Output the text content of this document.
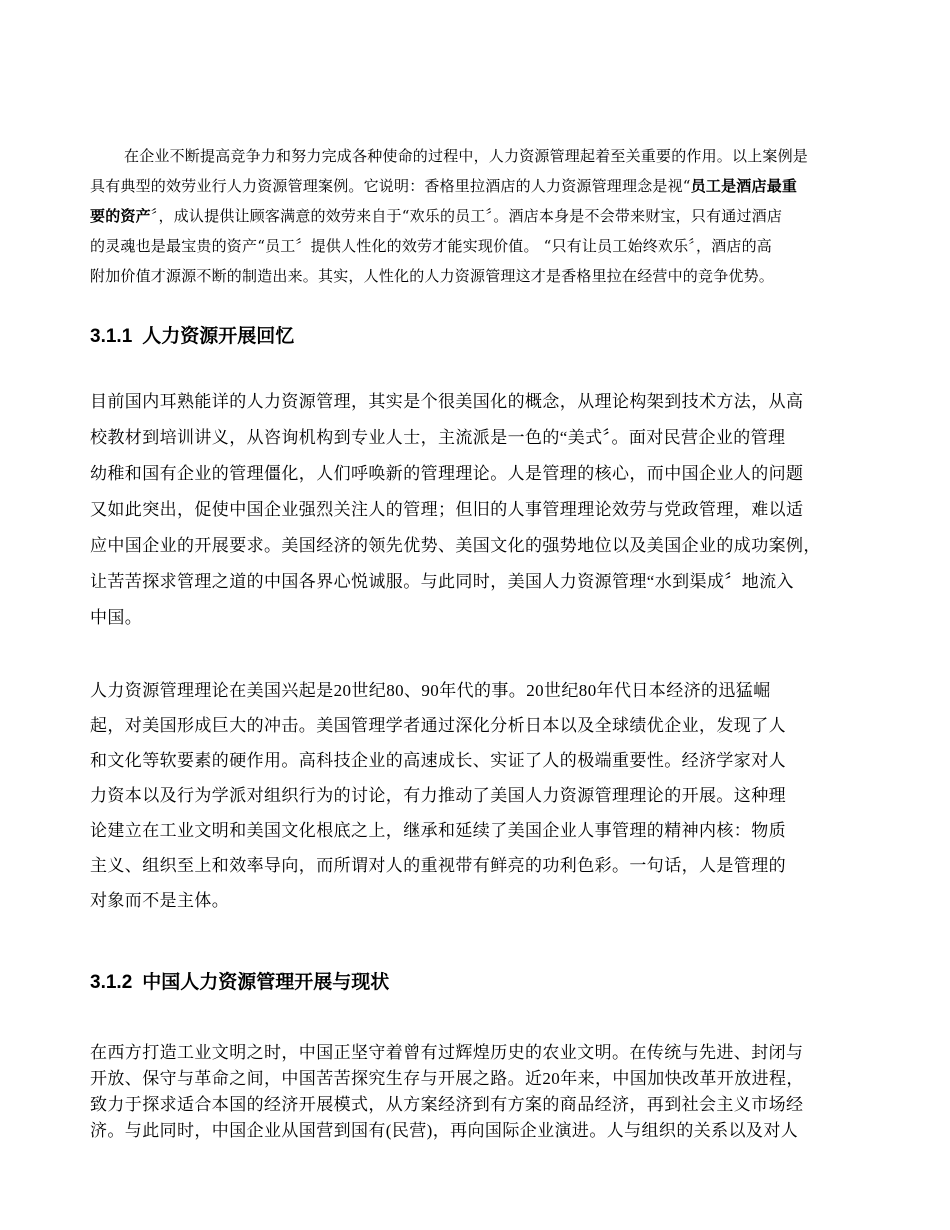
在企业不断提高竞争力和努力完成各种使命的过程中，人力资源管理起着至关重要的作用。以上案例是
具有典型的效劳业行人力资源管理案例。它说明：香格里拉酒店的人力资源管理理念是视“员工是酒店最重
要的资产〞，成认提供让顾客满意的效劳来自于“欢乐的员工〞。酒店本身是不会带来财宝，只有通过酒店
的灵魂也是最宝贵的资产“员工〞提供人性化的效劳才能实现价值。 “只有让员工始终欢乐〞，酒店的高
附加价值才源源不断的制造出来。其实，人性化的人力资源管理这才是香格里拉在经营中的竞争优势。
3.1.1 人力资源开展回忆
目前国内耳熟能详的人力资源管理，其实是个很美国化的概念，从理论构架到技术方法，从高
校教材到培训讲义，从咨询机构到专业人士，主流派是一色的“美式〞。面对民营企业的管理
幼稚和国有企业的管理僵化，人们呼唤新的管理理论。人是管理的核心，而中国企业人的问题
又如此突出，促使中国企业强烈关注人的管理；但旧的人事管理理论效劳与党政管理，难以适
应中国企业的开展要求。美国经济的领先优势、美国文化的强势地位以及美国企业的成功案例，
让苦苦探求管理之道的中国各界心悦诚服。与此同时，美国人力资源管理“水到渠成〞地流入
中国。
人力资源管理理论在美国兴起是20世纪80、90年代的事。20世纪80年代日本经济的迅猛崛
起，对美国形成巨大的冲击。美国管理学者通过深化分析日本以及全球绩优企业，发现了人
和文化等软要素的硬作用。高科技企业的高速成长、实证了人的极端重要性。经济学家对人
力资本以及行为学派对组织行为的讨论，有力推动了美国人力资源管理理论的开展。这种理
论建立在工业文明和美国文化根底之上，继承和延续了美国企业人事管理的精神内核：物质
主义、组织至上和效率导向，而所谓对人的重视带有鲜亮的功利色彩。一句话，人是管理的
对象而不是主体。
3.1.2 中国人力资源管理开展与现状
在西方打造工业文明之时，中国正坚守着曾有过辉煌历史的农业文明。在传统与先进、封闭与
开放、保守与革命之间，中国苦苦探究生存与开展之路。近20年来，中国加快改革开放进程，
致力于探求适合本国的经济开展模式，从方案经济到有方案的商品经济，再到社会主义市场经
济。与此同时，中国企业从国营到国有(民营)，再向国际企业演进。人与组织的关系以及对人
